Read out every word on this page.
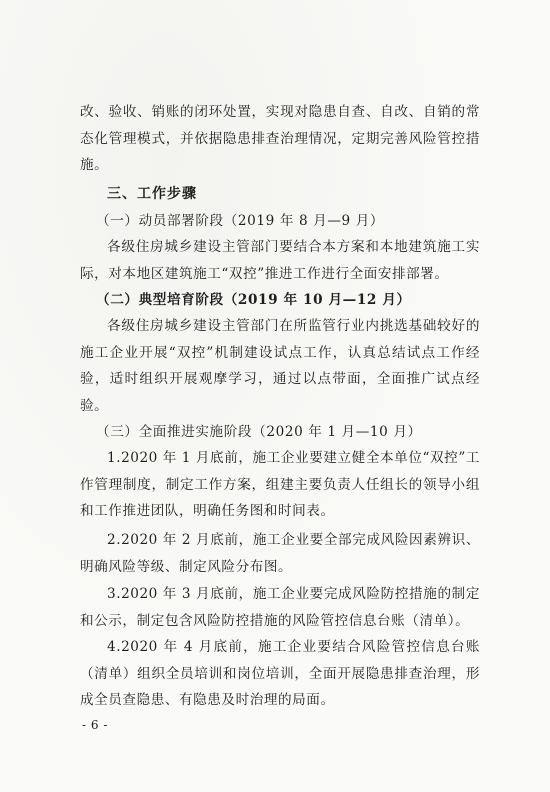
改、验收、销账的闭环处置，实现对隐患自查、自改、自销的常态化管理模式，并依据隐患排查治理情况，定期完善风险管控措施。

三、工作步骤

（一）动员部署阶段（2019 年 8 月—9 月）

各级住房城乡建设主管部门要结合本方案和本地建筑施工实际，对本地区建筑施工“双控”推进工作进行全面安排部署。

（二）典型培育阶段（2019 年 10 月—12 月）

各级住房城乡建设主管部门在所监管行业内挑选基础较好的施工企业开展“双控”机制建设试点工作，认真总结试点工作经验，适时组织开展观摩学习，通过以点带面，全面推广试点经验。

（三）全面推进实施阶段（2020 年 1 月—10 月）

1.2020 年 1 月底前，施工企业要建立健全本单位“双控”工作管理制度，制定工作方案，组建主要负责人任组长的领导小组和工作推进团队，明确任务图和时间表。

2.2020 年 2 月底前，施工企业要全部完成风险因素辨识、明确风险等级、制定风险分布图。

3.2020 年 3 月底前，施工企业要完成风险防控措施的制定和公示，制定包含风险防控措施的风险管控信息台账（清单）。

4.2020 年 4 月底前，施工企业要结合风险管控信息台账（清单）组织全员培训和岗位培训，全面开展隐患排查治理，形成全员查隐患、有隐患及时治理的局面。

- 6 -
